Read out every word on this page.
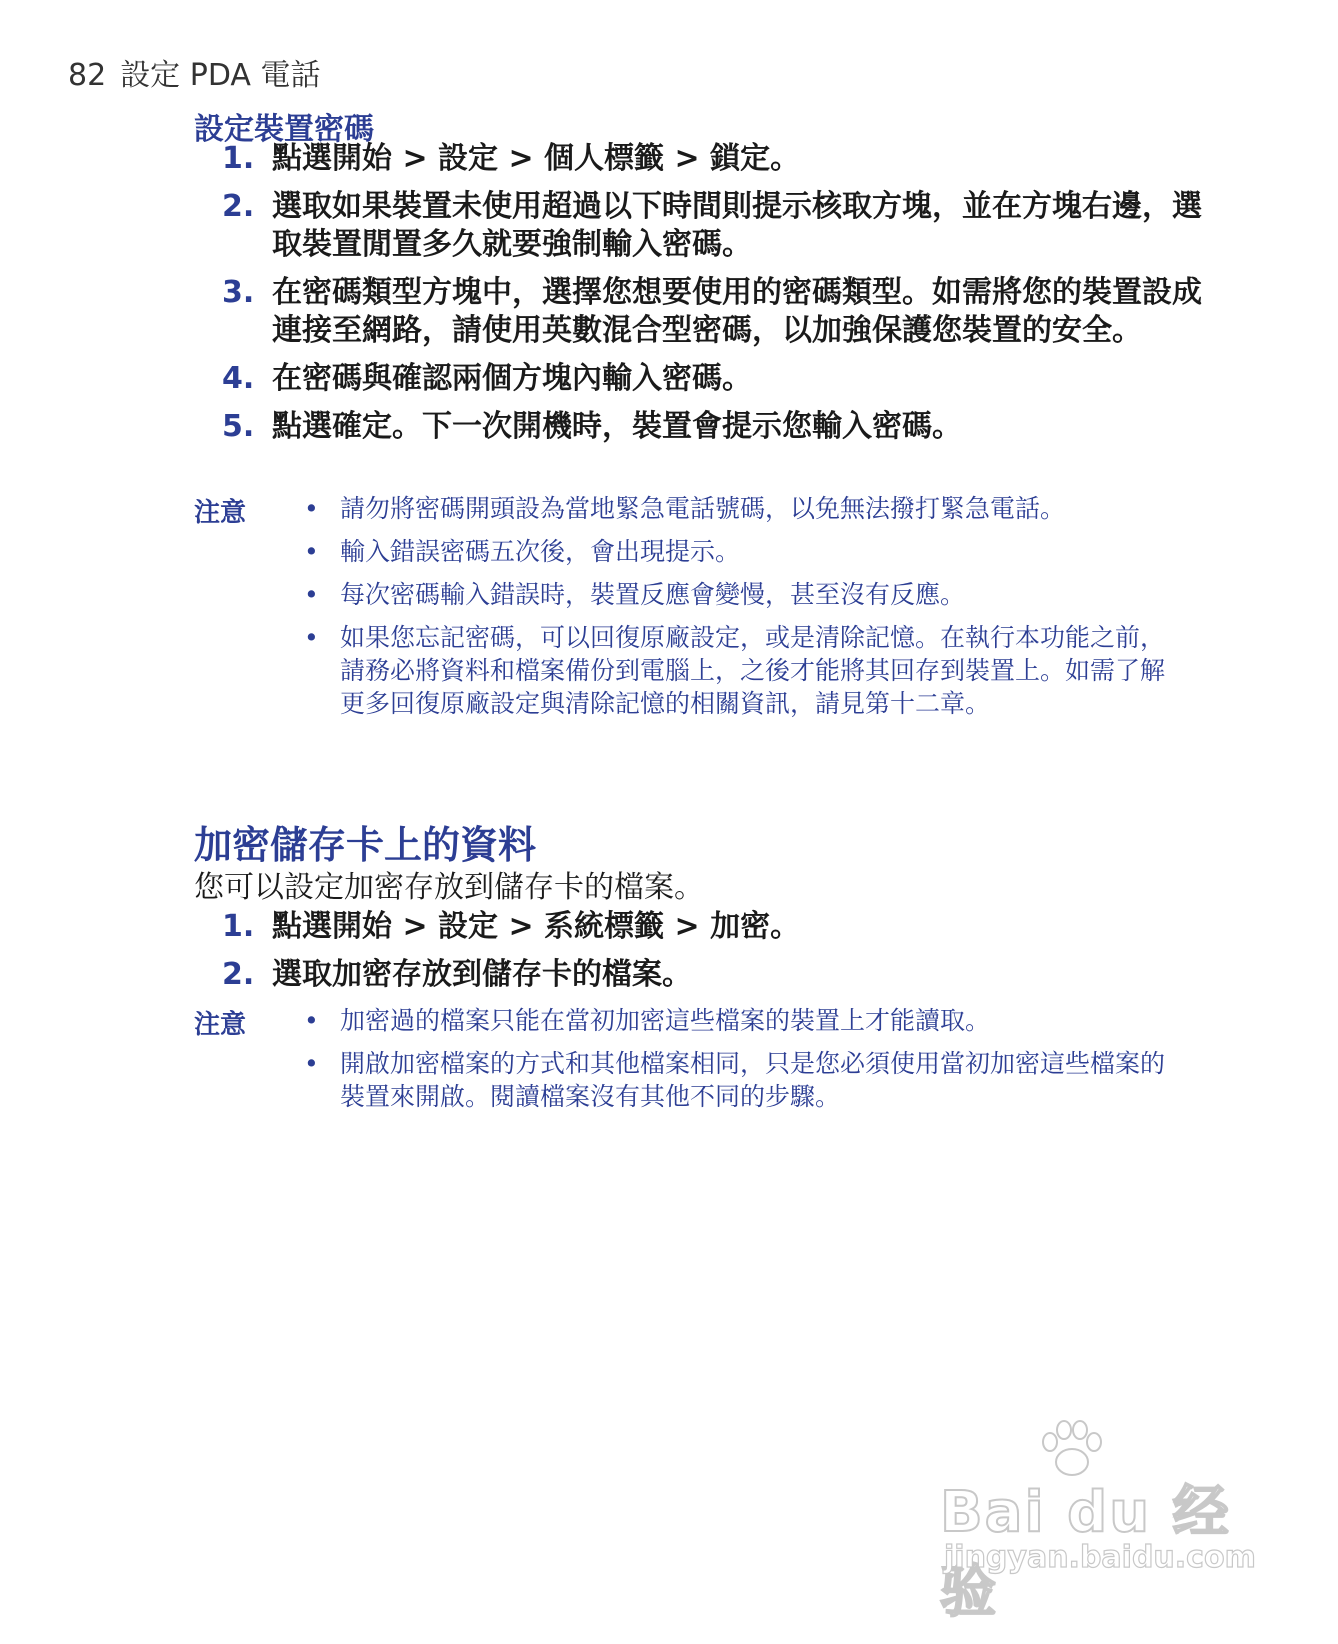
82 設定 PDA 電話
設定裝置密碼
1. 點選開始 > 設定 > 個人標籤 > 鎖定。
2. 選取如果裝置未使用超過以下時間則提示核取方塊，並在方塊右邊，選取裝置閒置多久就要強制輸入密碼。
3. 在密碼類型方塊中，選擇您想要使用的密碼類型。如需將您的裝置設成連接至網路，請使用英數混合型密碼，以加強保護您裝置的安全。
4. 在密碼與確認兩個方塊內輸入密碼。
5. 點選確定。下一次開機時，裝置會提示您輸入密碼。
注意 • 請勿將密碼開頭設為當地緊急電話號碼，以免無法撥打緊急電話。
• 輸入錯誤密碼五次後，會出現提示。
• 每次密碼輸入錯誤時，裝置反應會變慢，甚至沒有反應。
• 如果您忘記密碼，可以回復原廠設定，或是清除記憶。在執行本功能之前，請務必將資料和檔案備份到電腦上，之後才能將其回存到裝置上。如需了解更多回復原廠設定與清除記憶的相關資訊，請見第十二章。
加密儲存卡上的資料
您可以設定加密存放到儲存卡的檔案。
1. 點選開始 > 設定 > 系統標籤 > 加密。
2. 選取加密存放到儲存卡的檔案。
注意 • 加密過的檔案只能在當初加密這些檔案的裝置上才能讀取。
• 開啟加密檔案的方式和其他檔案相同，只是您必須使用當初加密這些檔案的裝置來開啟。閱讀檔案沒有其他不同的步驟。
Bai du 经验
jingyan.baidu.com
